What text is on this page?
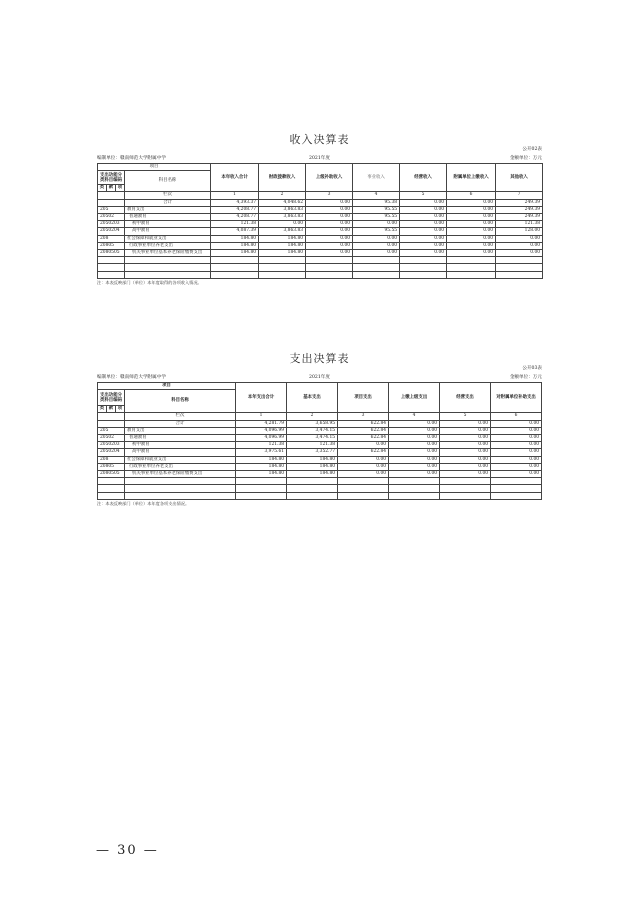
收入决算表
公开02表
编制单位：赣南师范大学附属中学	2021年度	金额单位：万元
项目				本年收入合计	财政拨款收入	上级补助收入	事业收入	经营收入	附属单位上缴收入	其他收入
支出功能分类科目编码			科目名称							
类	款	项								
			栏次	1	2	3	4	5	6	7
			合计	4,393.37	4,048.62	0.00	95.38	0.00	0.00	249.39
205			教育支出	4,208.77	3,863.83	0.00	95.55	0.00	0.00	249.39
20502			普通教育	4,208.77	3,863.83	0.00	95.55	0.00	0.00	249.39
2050203			初中教育	121.38	0.00	0.00	0.00	0.00	0.00	121.38
2050204			高中教育	4,087.39	3,863.83	0.00	95.55	0.00	0.00	128.00
208			社会保障和就业支出	184.80	184.80	0.00	0.00	0.00	0.00	0.00
20805			行政事业单位养老支出	184.80	184.80	0.00	0.00	0.00	0.00	0.00
2080505			机关事业单位基本养老保险缴费支出	184.80	184.80	0.00	0.00	0.00	0.00	0.00

注：本表反映部门（单位）本年度取得的各项收入情况。
支出决算表
公开03表
编制单位：赣南师范大学附属中学	2021年度	金额单位：万元
项目				本年支出合计	基本支出	项目支出	上缴上级支出	经营支出	对附属单位补助支出
支出功能分类科目编码			科目名称						
类	款	项							
			栏次	1	2	3	4	5	6
			合计	4,281.79	3,658.95	622.84	0.00	0.00	0.00
205			教育支出	4,096.99	3,474.15	622.84	0.00	0.00	0.00
20502			普通教育	4,096.99	3,474.15	622.84	0.00	0.00	0.00
2050203			初中教育	121.38	121.38	0.00	0.00	0.00	0.00
2050204			高中教育	3,975.61	3,352.77	622.84	0.00	0.00	0.00
208			社会保障和就业支出	184.80	184.80	0.00	0.00	0.00	0.00
20805			行政事业单位养老支出	184.80	184.80	0.00	0.00	0.00	0.00
2080505			机关事业单位基本养老保险缴费支出	184.80	184.80	0.00	0.00	0.00	0.00

注：本表反映部门（单位）本年度各项支出情况。
— 30 —
